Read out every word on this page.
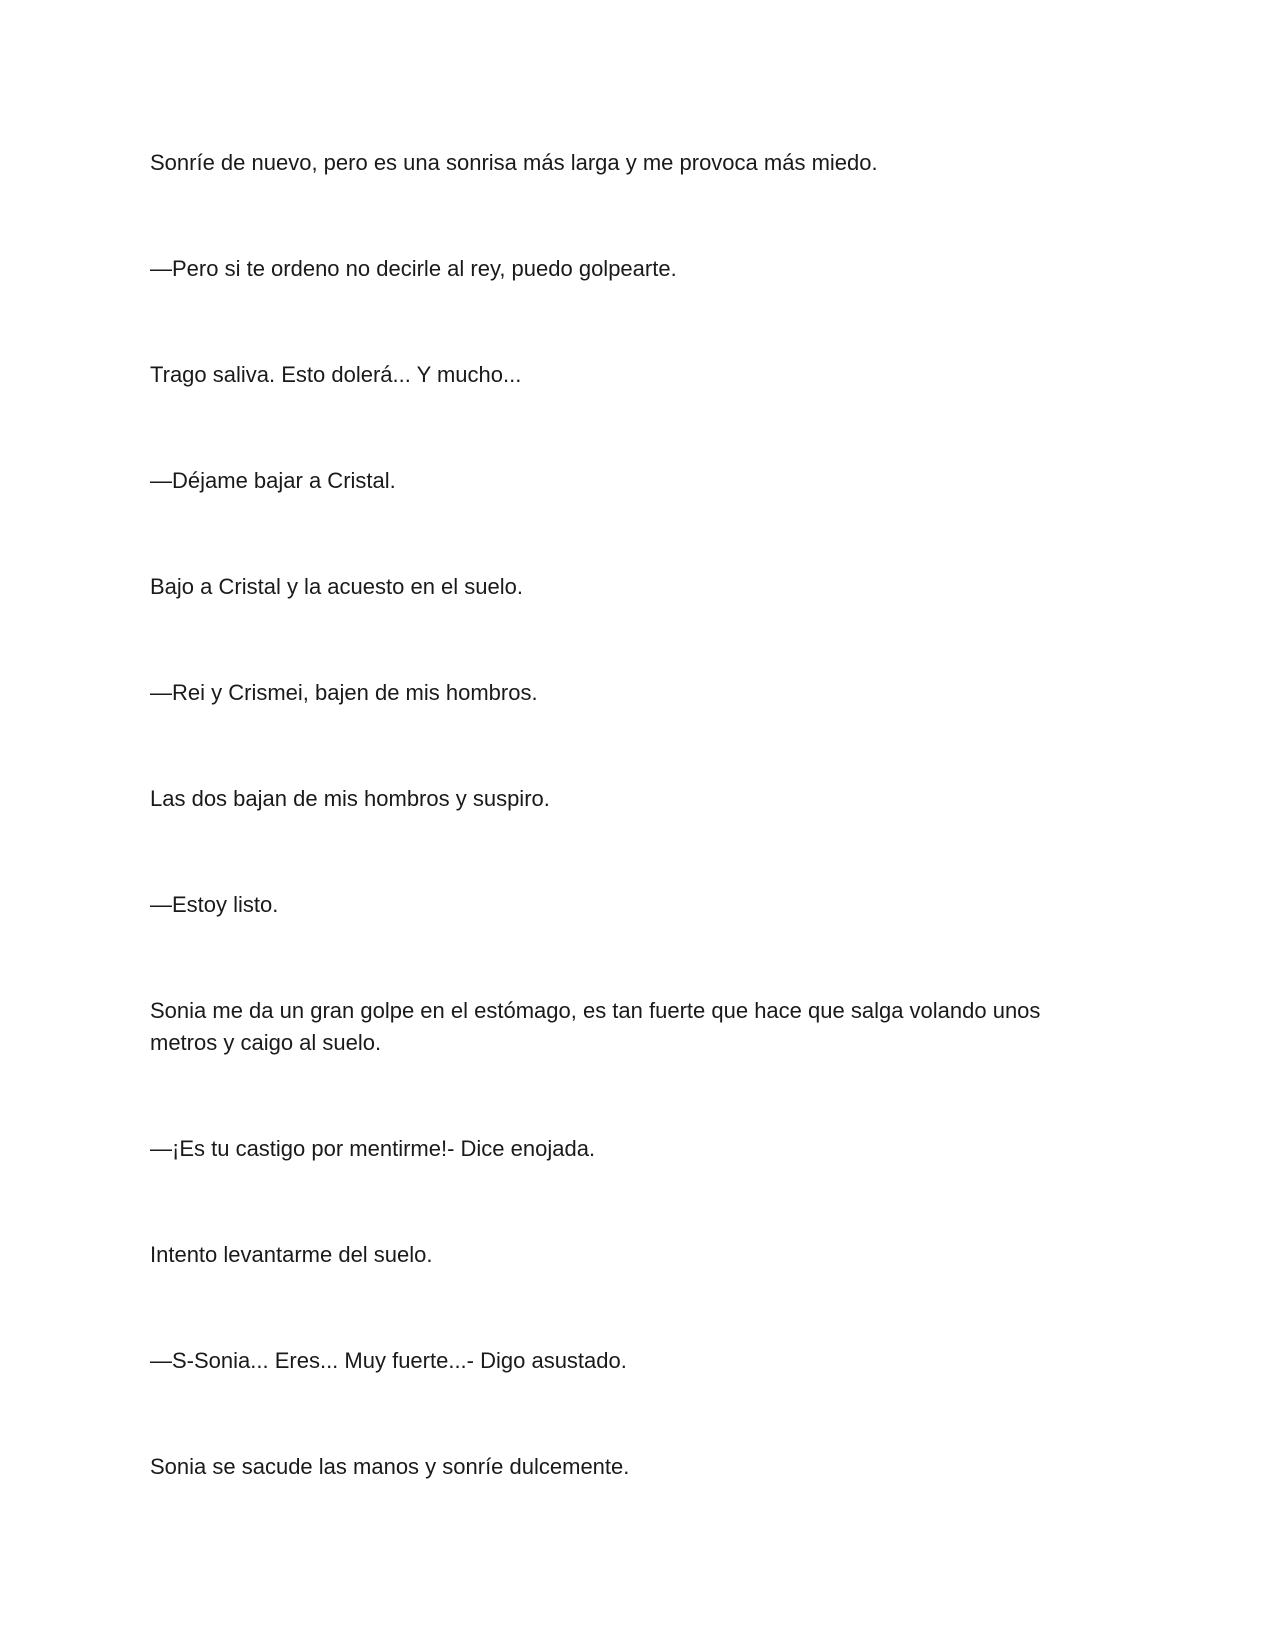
Sonríe de nuevo, pero es una sonrisa más larga y me provoca más miedo.

—Pero si te ordeno no decirle al rey, puedo golpearte.

Trago saliva. Esto dolerá... Y mucho...

—Déjame bajar a Cristal.

Bajo a Cristal y la acuesto en el suelo.

—Rei y Crismei, bajen de mis hombros.

Las dos bajan de mis hombros y suspiro.

—Estoy listo.

Sonia me da un gran golpe en el estómago, es tan fuerte que hace que salga volando unos metros y caigo al suelo.

—¡Es tu castigo por mentirme!- Dice enojada.

Intento levantarme del suelo.

—S-Sonia... Eres... Muy fuerte...- Digo asustado.

Sonia se sacude las manos y sonríe dulcemente.
